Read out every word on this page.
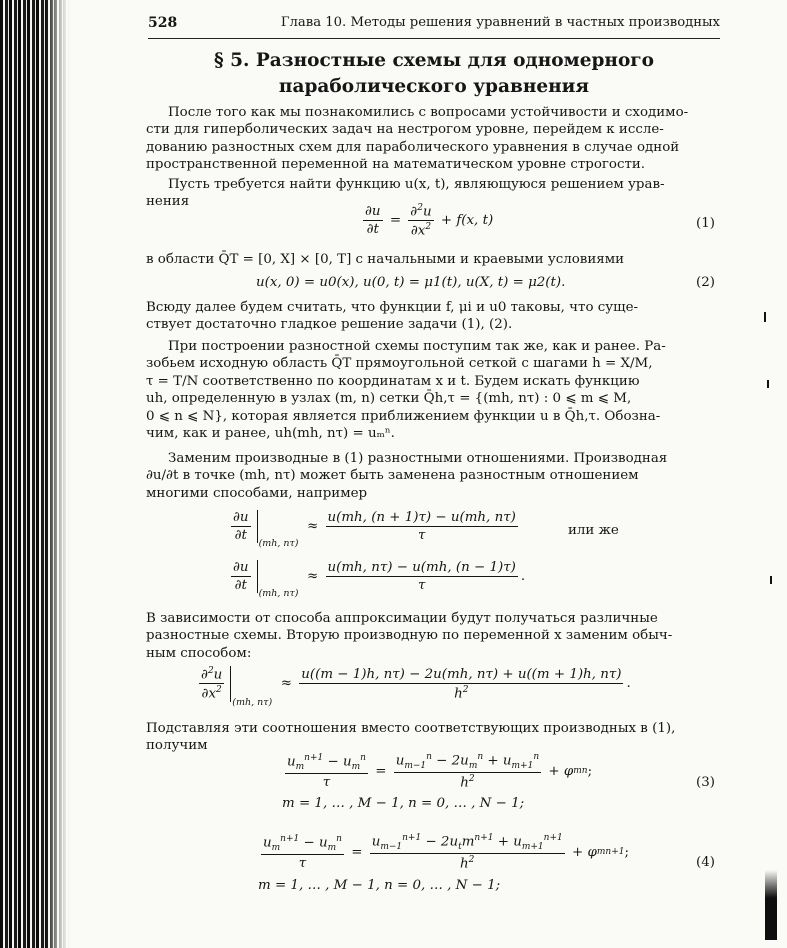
528	Глава 10. Методы решения уравнений в частных производных
§ 5. Разностные схемы для одномерного
параболического уравнения
После того как мы познакомились с вопросами устойчивости и сходимо-
сти для гиперболических задач на нестрогом уровне, перейдем к иссле-
дованию разностных схем для параболического уравнения в случае одной
пространственной переменной на математическом уровне строгости.
Пусть требуется найти функцию u(x, t), являющуюся решением урав-
нения
$\frac{\partial u}{\partial t} = \frac{\partial^2u}{\partial x^2} + f(x$, t)	(1)
в области Q̄T = [0, X] × [0, T] с начальными и краевыми условиями
u(x, 0) = u0(x), u(0, t) = μ1(t), u(X, t) = μ2(t).	(2)
Всюду далее будем считать, что функции f, μi и u0 таковы, что суще-
ствует достаточно гладкое решение задачи (1), (2).
При построении разностной схемы поступим так же, как и ранее. Ра-
зобьем исходную область Q̄T прямоугольной сеткой с шагами h = X/M,
τ = T/N соответственно по координатам x и t. Будем искать функцию
uh, определенную в узлах (m, n) сетки Q̄h,τ = {(mh, nτ) : 0 ⩽ m ⩽ M,
0 ⩽ n ⩽ N}, которая является приближением функции u в Q̄h,τ. Обозна-
чим, как и ранее, uh(mh, nτ) = uₘⁿ.
Заменим производные в (1) разностными отношениями. Производная
∂u/∂t в точке (mh, nτ) может быть заменена разностным отношением
многими способами, например
$\frac{\partial u}{\partial t}$
(mh, nτ)
≈ $\frac{u(mh, (n + 1)\tau) - u(mh, n\tau)}{\tau}$	или же
$\frac{\partial u}{\partial t}$
(mh, nτ)
≈ $\frac{u(mh, n\tau) - u(mh, (n - 1)\tau)}{\tau}$ .
В зависимости от способа аппроксимации будут получаться различные
разностные схемы. Вторую производную по переменной x заменим обыч-
ным способом:
$\frac{\partial^2u}{\partial x^2}$
(mh, nτ)
≈ $\frac{u((m - 1)h, n\tau) - 2u(mh, n\tau) + u((m + 1)h, n\tau)}{h^2}$ .
Подставляя эти соотношения вместо соответствующих производных в (1),
получим
$\frac{u_m^{n+1} - u_m^n}{\tau} = \frac{u_{m-1}^n - 2u_m^n + u_{m+1}^n}{h^2} + \varphi$ m n ;
(3)
m = 1, … , M − 1, n = 0, … , N − 1;
$\frac{u_m^{n+1} - u_m^n}{\tau} = \frac{u_{m-1}^{n+1} - 2u_tm^{n+1} + u_{m+1}^{n+1}}{h^2} + \varphi$ m n+1 ;
(4)
m = 1, … , M − 1, n = 0, … , N − 1;
